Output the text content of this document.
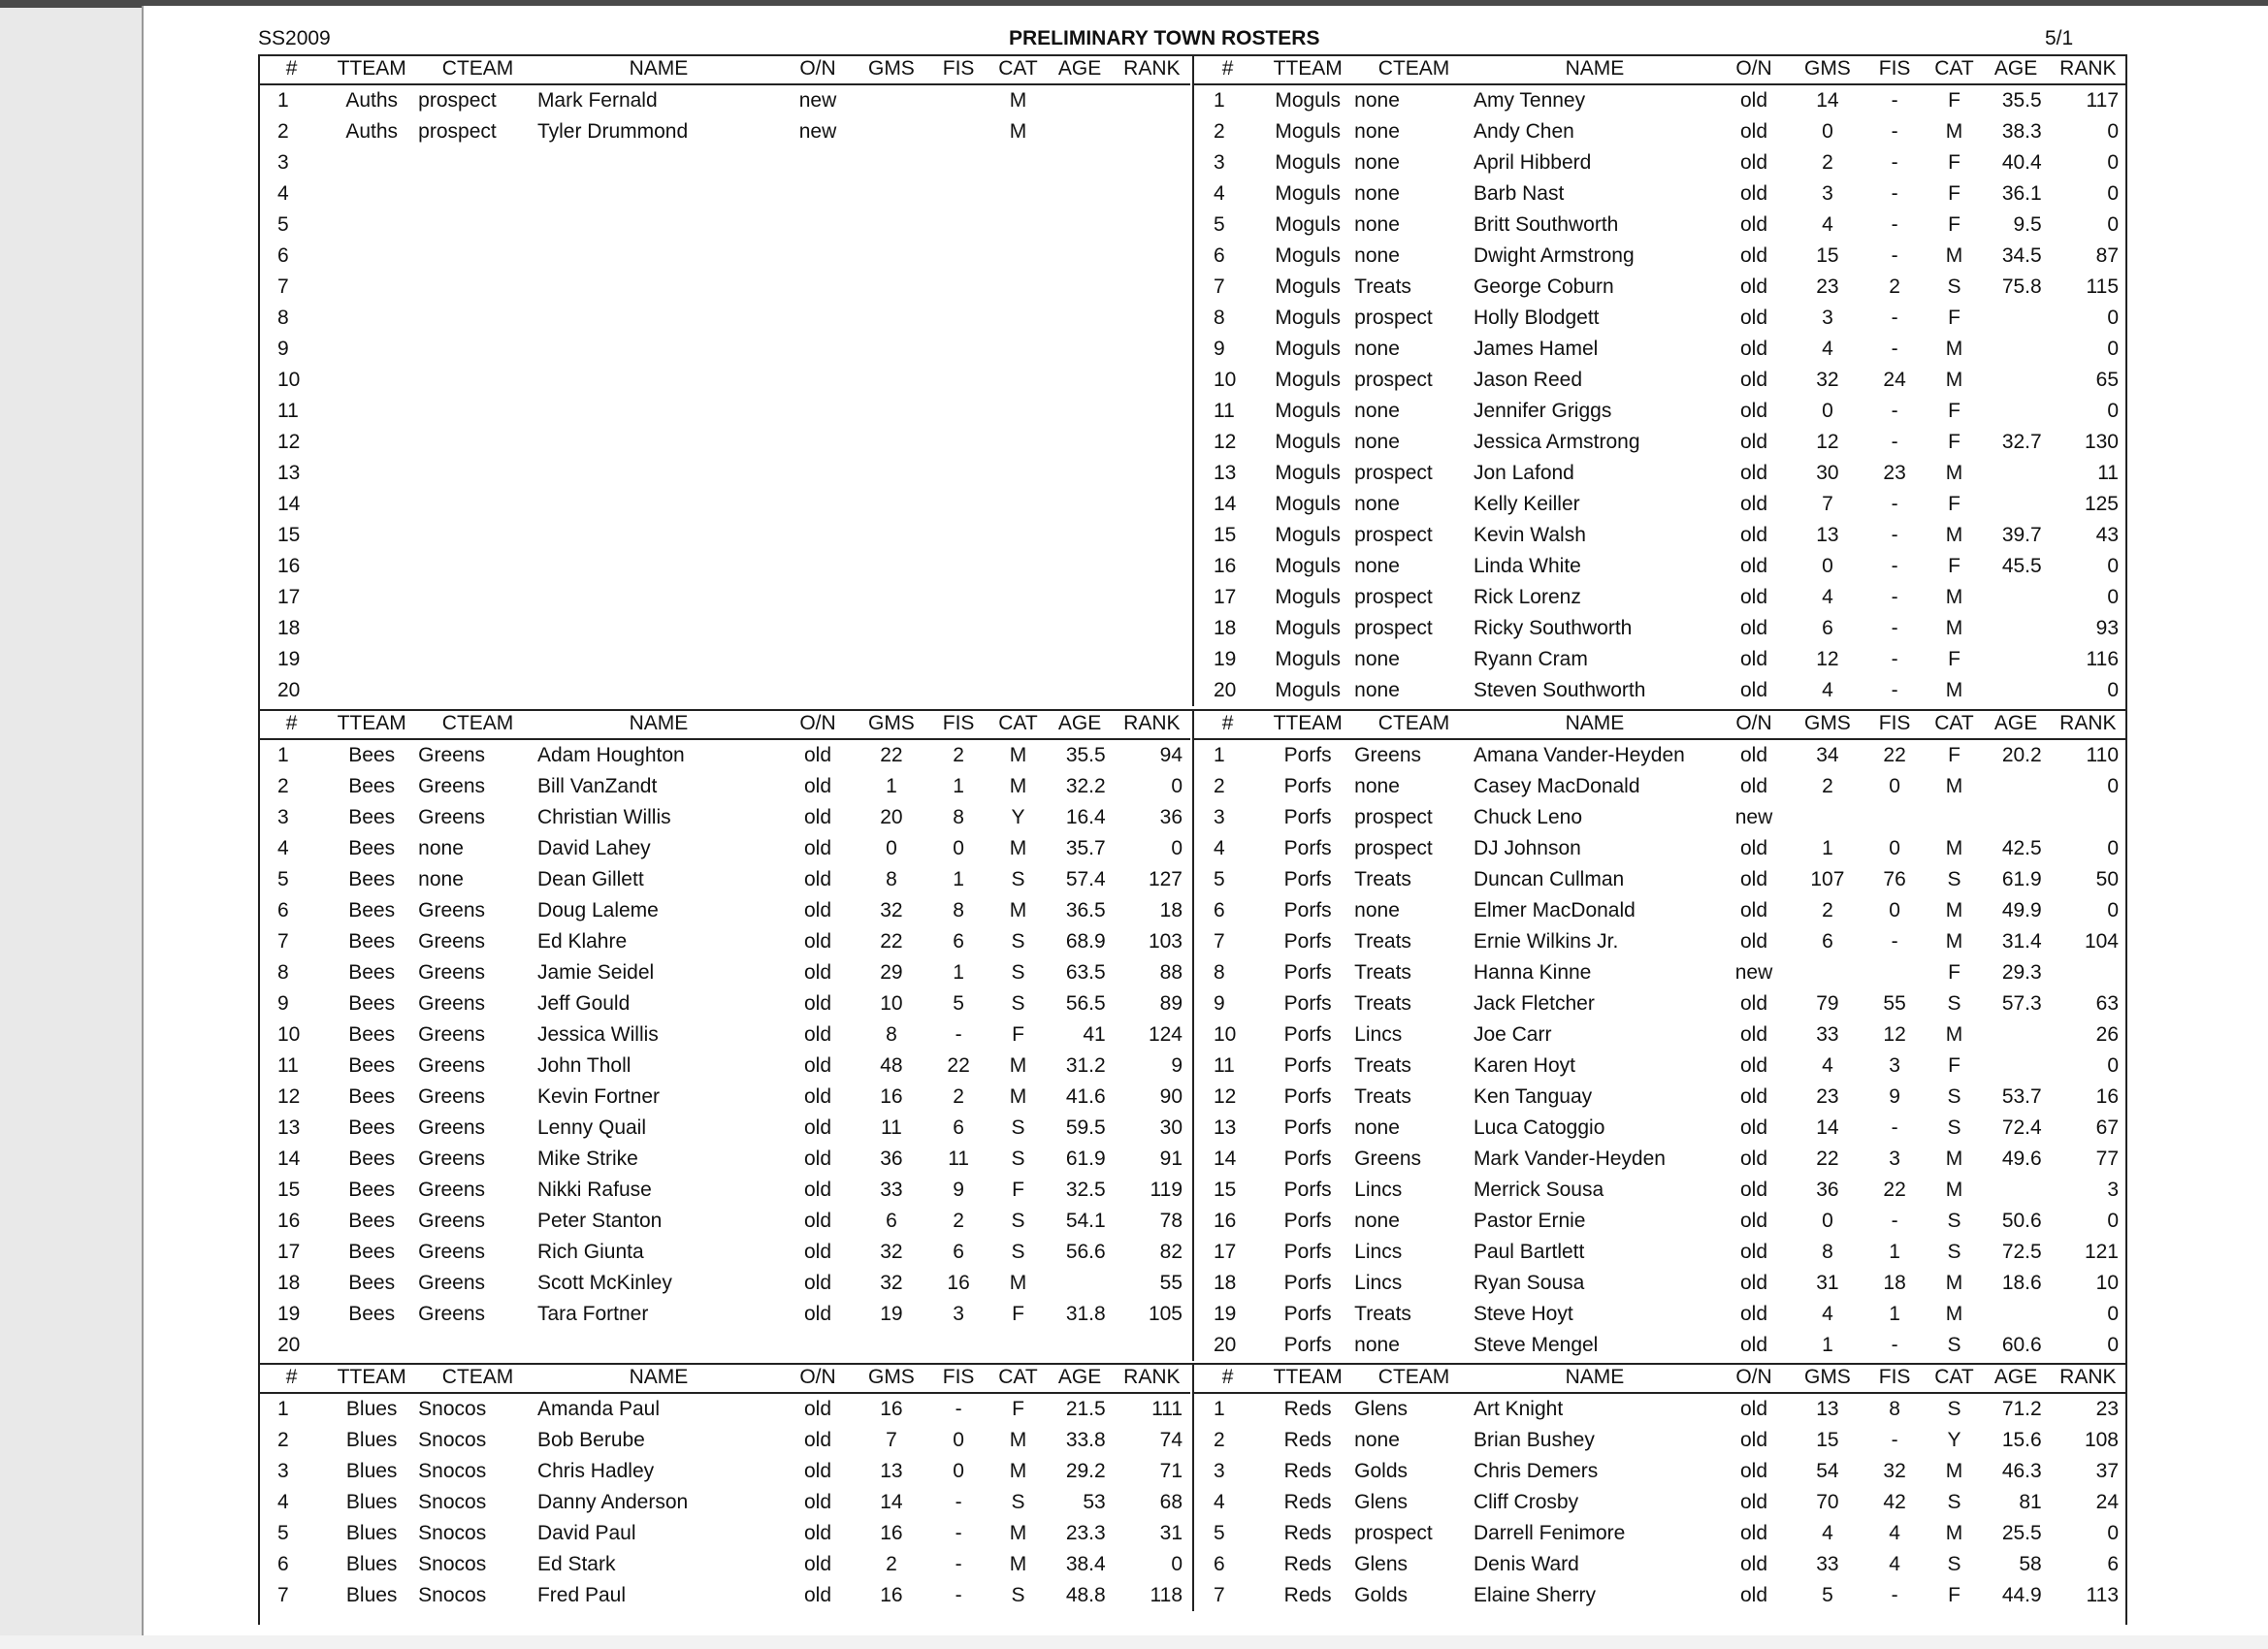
SS2009	PRELIMINARY TOWN ROSTERS	5/1
#	TTEAM	CTEAM	NAME	O/N	GMS	FIS	CAT	AGE	RANK
1	Auths	prospect	Mark Fernald	new			M		
2	Auths	prospect	Tyler Drummond	new			M		
3									
4									
5									
6									
7									
8									
9									
10									
11									
12									
13									
14									
15									
16									
17									
18									
19									
20									
#	TTEAM	CTEAM	NAME	O/N	GMS	FIS	CAT	AGE	RANK
1	Moguls	none	Amy Tenney	old	14	-	F	35.5	117
2	Moguls	none	Andy Chen	old	0	-	M	38.3	0
3	Moguls	none	April Hibberd	old	2	-	F	40.4	0
4	Moguls	none	Barb Nast	old	3	-	F	36.1	0
5	Moguls	none	Britt Southworth	old	4	-	F	9.5	0
6	Moguls	none	Dwight Armstrong	old	15	-	M	34.5	87
7	Moguls	Treats	George Coburn	old	23	2	S	75.8	115
8	Moguls	prospect	Holly Blodgett	old	3	-	F		0
9	Moguls	none	James Hamel	old	4	-	M		0
10	Moguls	prospect	Jason Reed	old	32	24	M		65
11	Moguls	none	Jennifer Griggs	old	0	-	F		0
12	Moguls	none	Jessica Armstrong	old	12	-	F	32.7	130
13	Moguls	prospect	Jon Lafond	old	30	23	M		11
14	Moguls	none	Kelly Keiller	old	7	-	F		125
15	Moguls	prospect	Kevin Walsh	old	13	-	M	39.7	43
16	Moguls	none	Linda White	old	0	-	F	45.5	0
17	Moguls	prospect	Rick Lorenz	old	4	-	M		0
18	Moguls	prospect	Ricky Southworth	old	6	-	M		93
19	Moguls	none	Ryann Cram	old	12	-	F		116
20	Moguls	none	Steven Southworth	old	4	-	M		0
#	TTEAM	CTEAM	NAME	O/N	GMS	FIS	CAT	AGE	RANK
1	Bees	Greens	Adam Houghton	old	22	2	M	35.5	94
2	Bees	Greens	Bill VanZandt	old	1	1	M	32.2	0
3	Bees	Greens	Christian Willis	old	20	8	Y	16.4	36
4	Bees	none	David Lahey	old	0	0	M	35.7	0
5	Bees	none	Dean Gillett	old	8	1	S	57.4	127
6	Bees	Greens	Doug Laleme	old	32	8	M	36.5	18
7	Bees	Greens	Ed Klahre	old	22	6	S	68.9	103
8	Bees	Greens	Jamie Seidel	old	29	1	S	63.5	88
9	Bees	Greens	Jeff Gould	old	10	5	S	56.5	89
10	Bees	Greens	Jessica Willis	old	8	-	F	41	124
11	Bees	Greens	John Tholl	old	48	22	M	31.2	9
12	Bees	Greens	Kevin Fortner	old	16	2	M	41.6	90
13	Bees	Greens	Lenny Quail	old	11	6	S	59.5	30
14	Bees	Greens	Mike Strike	old	36	11	S	61.9	91
15	Bees	Greens	Nikki Rafuse	old	33	9	F	32.5	119
16	Bees	Greens	Peter Stanton	old	6	2	S	54.1	78
17	Bees	Greens	Rich Giunta	old	32	6	S	56.6	82
18	Bees	Greens	Scott McKinley	old	32	16	M		55
19	Bees	Greens	Tara Fortner	old	19	3	F	31.8	105
20									
#	TTEAM	CTEAM	NAME	O/N	GMS	FIS	CAT	AGE	RANK
1	Porfs	Greens	Amana Vander-Heyden	old	34	22	F	20.2	110
2	Porfs	none	Casey MacDonald	old	2	0	M		0
3	Porfs	prospect	Chuck Leno	new					
4	Porfs	prospect	DJ Johnson	old	1	0	M	42.5	0
5	Porfs	Treats	Duncan Cullman	old	107	76	S	61.9	50
6	Porfs	none	Elmer MacDonald	old	2	0	M	49.9	0
7	Porfs	Treats	Ernie Wilkins Jr.	old	6	-	M	31.4	104
8	Porfs	Treats	Hanna Kinne	new			F	29.3	
9	Porfs	Treats	Jack Fletcher	old	79	55	S	57.3	63
10	Porfs	Lincs	Joe Carr	old	33	12	M		26
11	Porfs	Treats	Karen Hoyt	old	4	3	F		0
12	Porfs	Treats	Ken Tanguay	old	23	9	S	53.7	16
13	Porfs	none	Luca Catoggio	old	14	-	S	72.4	67
14	Porfs	Greens	Mark Vander-Heyden	old	22	3	M	49.6	77
15	Porfs	Lincs	Merrick Sousa	old	36	22	M		3
16	Porfs	none	Pastor Ernie	old	0	-	S	50.6	0
17	Porfs	Lincs	Paul Bartlett	old	8	1	S	72.5	121
18	Porfs	Lincs	Ryan Sousa	old	31	18	M	18.6	10
19	Porfs	Treats	Steve Hoyt	old	4	1	M		0
20	Porfs	none	Steve Mengel	old	1	-	S	60.6	0
#	TTEAM	CTEAM	NAME	O/N	GMS	FIS	CAT	AGE	RANK
1	Blues	Snocos	Amanda Paul	old	16	-	F	21.5	111
2	Blues	Snocos	Bob Berube	old	7	0	M	33.8	74
3	Blues	Snocos	Chris Hadley	old	13	0	M	29.2	71
4	Blues	Snocos	Danny Anderson	old	14	-	S	53	68
5	Blues	Snocos	David Paul	old	16	-	M	23.3	31
6	Blues	Snocos	Ed Stark	old	2	-	M	38.4	0
7	Blues	Snocos	Fred Paul	old	16	-	S	48.8	118
#	TTEAM	CTEAM	NAME	O/N	GMS	FIS	CAT	AGE	RANK
1	Reds	Glens	Art Knight	old	13	8	S	71.2	23
2	Reds	none	Brian Bushey	old	15	-	Y	15.6	108
3	Reds	Golds	Chris Demers	old	54	32	M	46.3	37
4	Reds	Glens	Cliff Crosby	old	70	42	S	81	24
5	Reds	prospect	Darrell Fenimore	old	4	4	M	25.5	0
6	Reds	Glens	Denis Ward	old	33	4	S	58	6
7	Reds	Golds	Elaine Sherry	old	5	-	F	44.9	113
